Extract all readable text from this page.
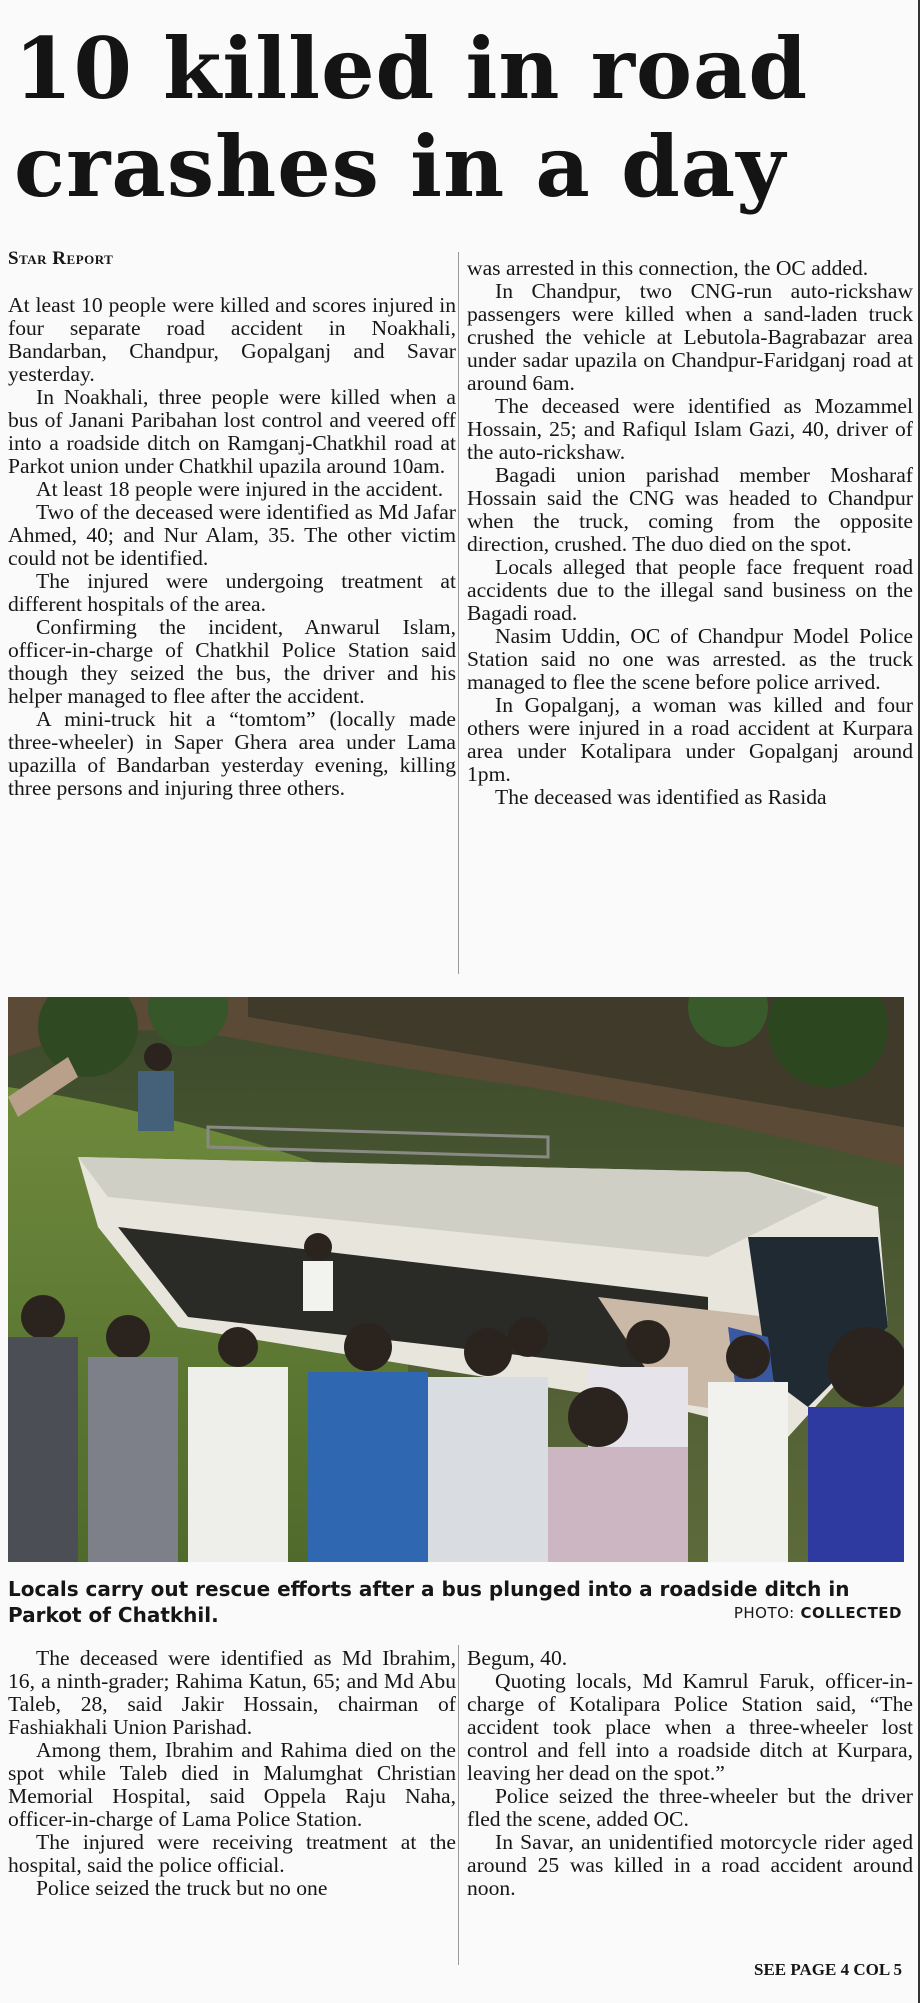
10 killed in road
crashes in a day
Star Report

At least 10 people were killed and scores injured in four separate road accident in Noakhali, Bandarban, Chandpur, Gopalganj and Savar yesterday.

In Noakhali, three people were killed when a bus of Janani Paribahan lost control and veered off into a roadside ditch on Ramganj-Chatkhil road at Parkot union under Chatkhil upazila around 10am.

At least 18 people were injured in the accident.

Two of the deceased were identified as Md Jafar Ahmed, 40; and Nur Alam, 35. The other victim could not be identified.

The injured were undergoing treatment at different hospitals of the area.

Confirming the incident, Anwarul Islam, officer-in-charge of Chatkhil Police Station said though they seized the bus, the driver and his helper managed to flee after the accident.

A mini-truck hit a “tomtom” (locally made three-wheeler) in Saper Ghera area under Lama upazilla of Bandarban yesterday evening, killing three persons and injuring three others.

was arrested in this connection, the OC added.

In Chandpur, two CNG-run auto-rickshaw passengers were killed when a sand-laden truck crushed the vehicle at Lebutola-Bagrabazar area under sadar upazila on Chandpur-Faridganj road at around 6am.

The deceased were identified as Mozammel Hossain, 25; and Rafiqul Islam Gazi, 40, driver of the auto-rickshaw.

Bagadi union parishad member Mosharaf Hossain said the CNG was headed to Chandpur when the truck, coming from the opposite direction, crushed. The duo died on the spot.

Locals alleged that people face frequent road accidents due to the illegal sand business on the Bagadi road.

Nasim Uddin, OC of Chandpur Model Police Station said no one was arrested. as the truck managed to flee the scene before police arrived.

In Gopalganj, a woman was killed and four others were injured in a road accident at Kurpara area under Kotalipara under Gopalganj around 1pm.

The deceased was identified as Rasida

Locals carry out rescue efforts after a bus plunged into a roadside ditch in Parkot of Chatkhil.	PHOTO: COLLECTED

The deceased were identified as Md Ibrahim, 16, a ninth-grader; Rahima Katun, 65; and Md Abu Taleb, 28, said Jakir Hossain, chairman of Fashiakhali Union Parishad.

Among them, Ibrahim and Rahima died on the spot while Taleb died in Malumghat Christian Memorial Hospital, said Oppela Raju Naha, officer-in-charge of Lama Police Station.

The injured were receiving treatment at the hospital, said the police official.

Police seized the truck but no one

Begum, 40.

Quoting locals, Md Kamrul Faruk, officer-in-charge of Kotalipara Police Station said, “The accident took place when a three-wheeler lost control and fell into a roadside ditch at Kurpara, leaving her dead on the spot.”

Police seized the three-wheeler but the driver fled the scene, added OC.

In Savar, an unidentified motorcycle rider aged around 25 was killed in a road accident around noon.

SEE PAGE 4 COL 5
